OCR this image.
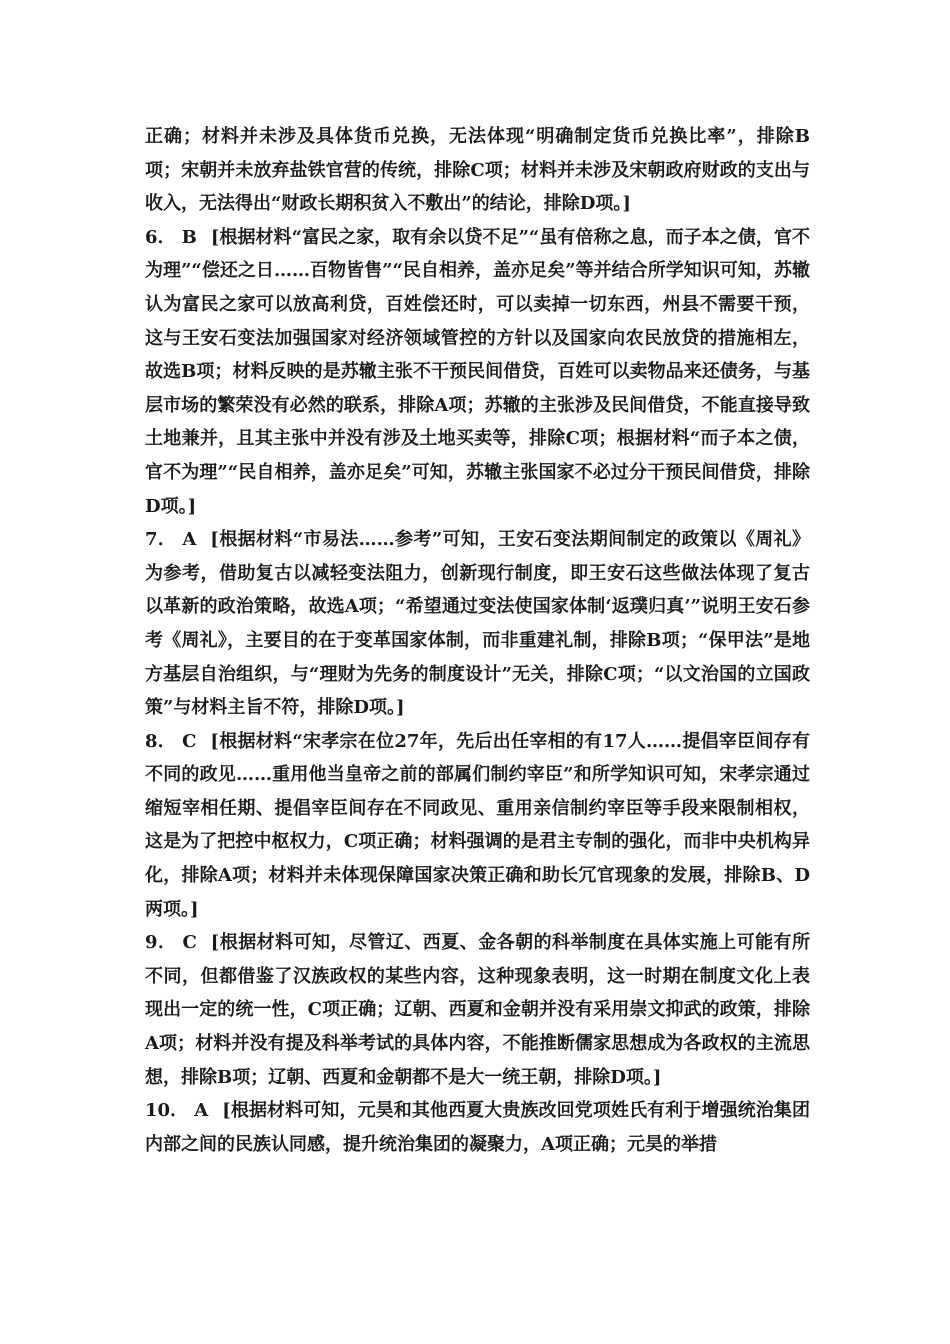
正确；材料并未涉及具体货币兑换，无法体现“明确制定货币兑换比率”，排除B项；宋朝并未放弃盐铁官营的传统，排除C项；材料并未涉及宋朝政府财政的支出与收入，无法得出“财政长期积贫入不敷出”的结论，排除D项。]

6． B [根据材料“富民之家，取有余以贷不足”“虽有倍称之息，而子本之债，官不为理”“偿还之日……百物皆售”“民自相养，盖亦足矣”等并结合所学知识可知，苏辙认为富民之家可以放高利贷，百姓偿还时，可以卖掉一切东西，州县不需要干预，这与王安石变法加强国家对经济领域管控的方针以及国家向农民放贷的措施相左，故选B项；材料反映的是苏辙主张不干预民间借贷，百姓可以卖物品来还债务，与基层市场的繁荣没有必然的联系，排除A项；苏辙的主张涉及民间借贷，不能直接导致土地兼并，且其主张中并没有涉及土地买卖等，排除C项；根据材料“而子本之债，官不为理”“民自相养，盖亦足矣”可知，苏辙主张国家不必过分干预民间借贷，排除D项。]

7． A [根据材料“市易法……参考”可知，王安石变法期间制定的政策以《周礼》为参考，借助复古以减轻变法阻力，创新现行制度，即王安石这些做法体现了复古以革新的政治策略，故选A项；“希望通过变法使国家体制‘返璞归真’”说明王安石参考《周礼》，主要目的在于变革国家体制，而非重建礼制，排除B项；“保甲法”是地方基层自治组织，与“理财为先务的制度设计”无关，排除C项；“以文治国的立国政策”与材料主旨不符，排除D项。]

8． C [根据材料“宋孝宗在位27年，先后出任宰相的有17人……提倡宰臣间存有不同的政见……重用他当皇帝之前的部属们制约宰臣”和所学知识可知，宋孝宗通过缩短宰相任期、提倡宰臣间存在不同政见、重用亲信制约宰臣等手段来限制相权，这是为了把控中枢权力，C项正确；材料强调的是君主专制的强化，而非中央机构异化，排除A项；材料并未体现保障国家决策正确和助长冗官现象的发展，排除B、D两项。]

9． C [根据材料可知，尽管辽、西夏、金各朝的科举制度在具体实施上可能有所不同，但都借鉴了汉族政权的某些内容，这种现象表明，这一时期在制度文化上表现出一定的统一性，C项正确；辽朝、西夏和金朝并没有采用崇文抑武的政策，排除A项；材料并没有提及科举考试的具体内容，不能推断儒家思想成为各政权的主流思想，排除B项；辽朝、西夏和金朝都不是大一统王朝，排除D项。]

10． A [根据材料可知，元昊和其他西夏大贵族改回党项姓氏有利于增强统治集团内部之间的民族认同感，提升统治集团的凝聚力，A项正确；元昊的举措
